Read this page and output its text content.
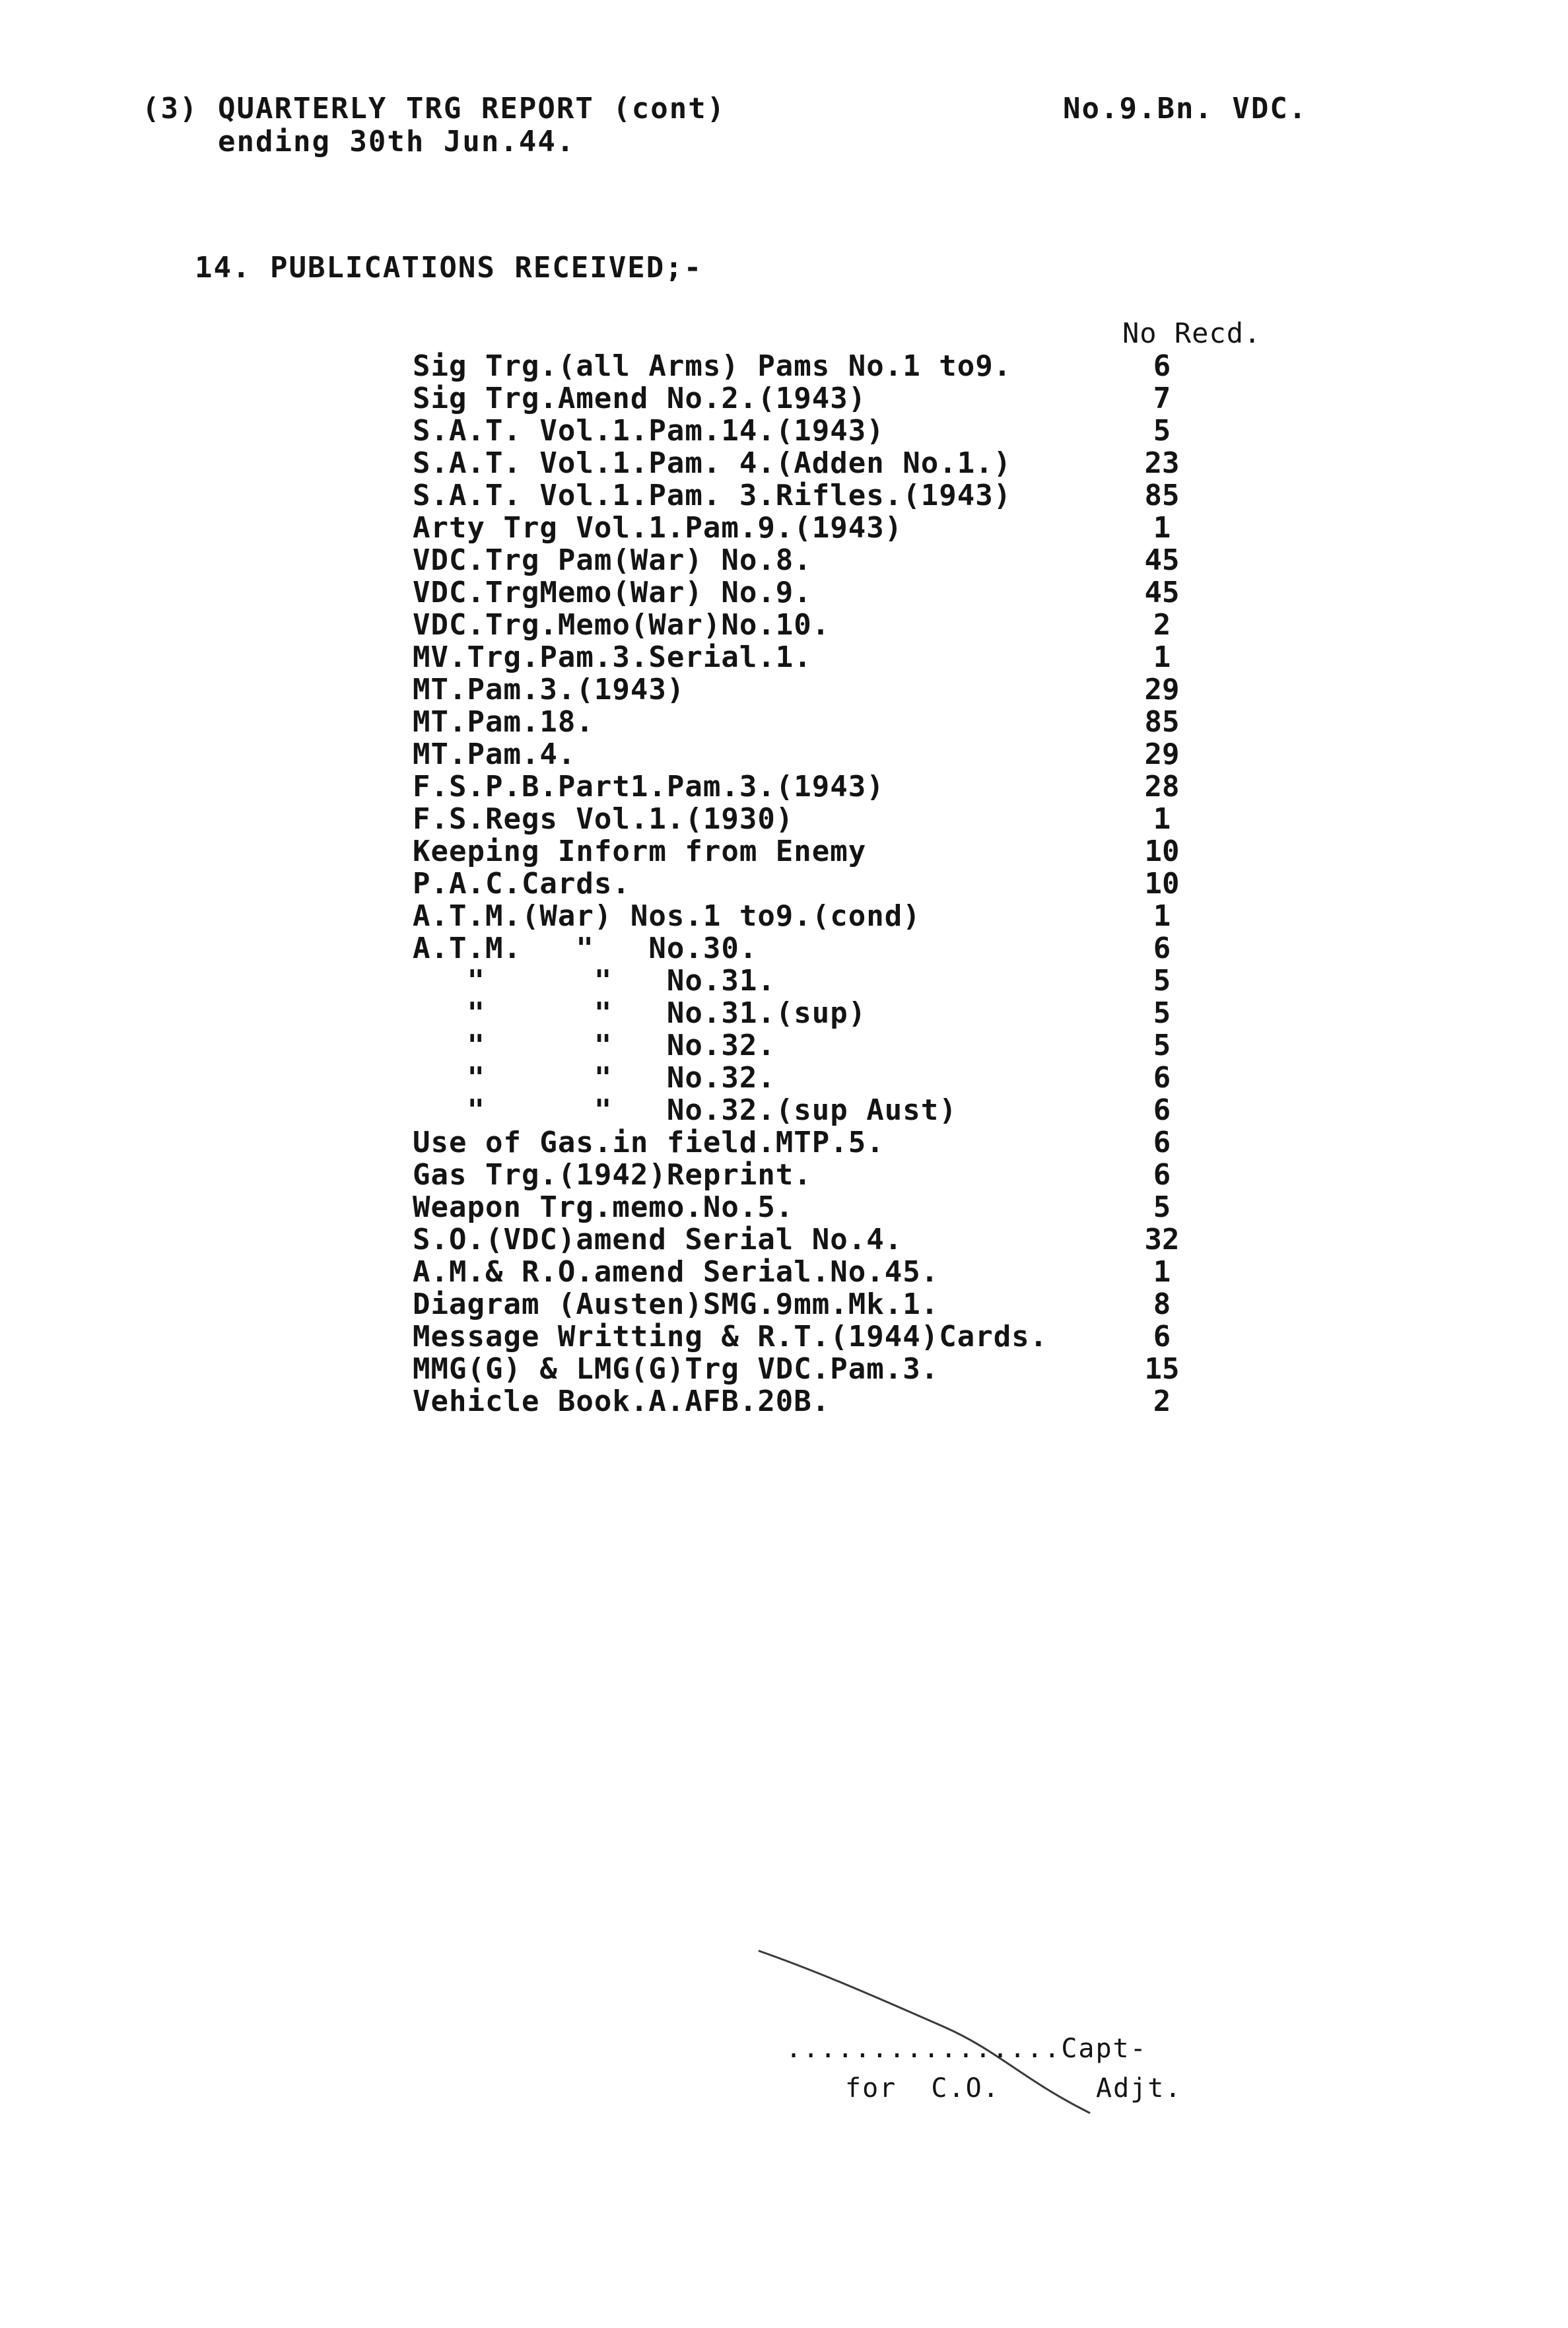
(3) QUARTERLY TRG REPORT (cont)
ending 30th Jun.44.
No.9.Bn. VDC.
14. PUBLICATIONS RECEIVED;-
No Recd.
Sig Trg.(all Arms) Pams No.1 to9.	6
Sig Trg.Amend No.2.(1943)	7
S.A.T. Vol.1.Pam.14.(1943)	5
S.A.T. Vol.1.Pam. 4.(Adden No.1.)	23
S.A.T. Vol.1.Pam. 3.Rifles.(1943)	85
Arty Trg Vol.1.Pam.9.(1943)	1
VDC.Trg Pam(War) No.8.	45
VDC.TrgMemo(War) No.9.	45
VDC.Trg.Memo(War)No.10.	2
MV.Trg.Pam.3.Serial.1.	1
MT.Pam.3.(1943)	29
MT.Pam.18.	85
MT.Pam.4.	29
F.S.P.B.Part1.Pam.3.(1943)	28
F.S.Regs Vol.1.(1930)	1
Keeping Inform from Enemy	10
P.A.C.Cards.	10
A.T.M.(War) Nos.1 to9.(cond)	1
A.T.M.   "   No.30.	6
"      "   No.31.	5
"      "   No.31.(sup)	5
"      "   No.32.	5
"      "   No.32.	6
"      "   No.32.(sup Aust)	6
Use of Gas.in field.MTP.5.	6
Gas Trg.(1942)Reprint.	6
Weapon Trg.memo.No.5.	5
S.O.(VDC)amend Serial No.4.	32
A.M.& R.O.amend Serial.No.45.	1
Diagram (Austen)SMG.9mm.Mk.1.	8
Message Writting & R.T.(1944)Cards.	6
MMG(G) & LMG(G)Trg VDC.Pam.3.	15
Vehicle Book.A.AFB.20B.	2
................Capt-
for  C.O.	Adjt.
